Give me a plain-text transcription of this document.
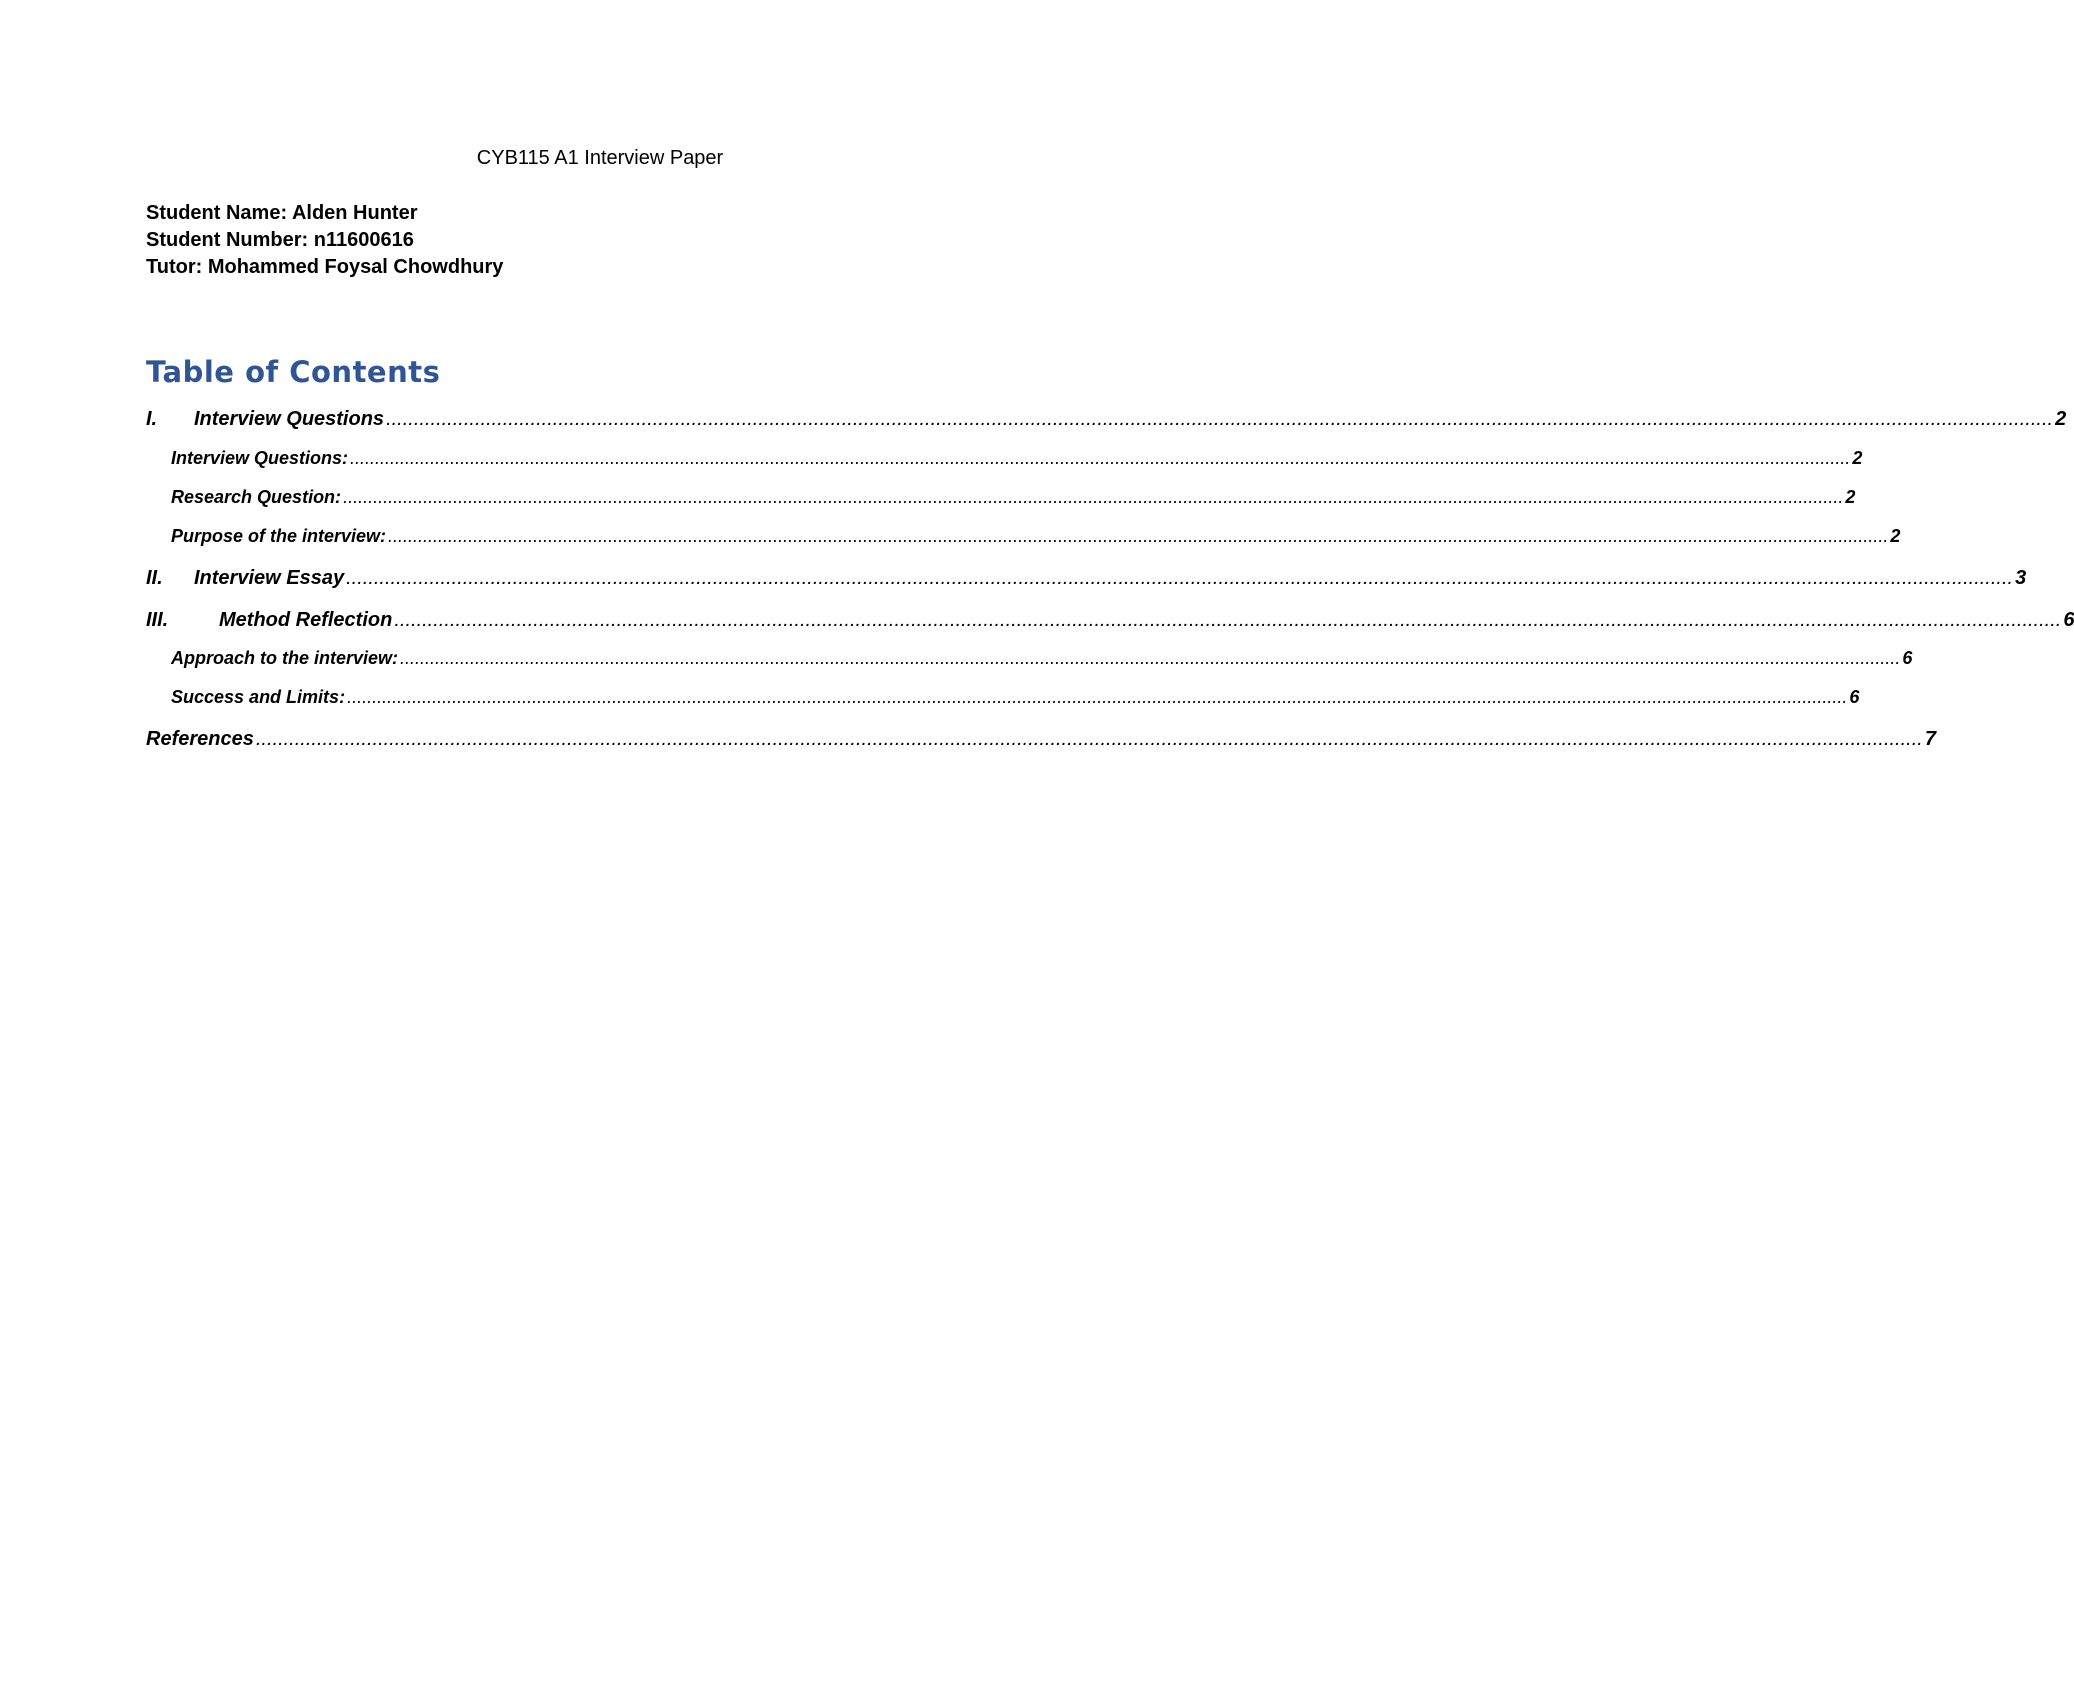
CYB115 A1 Interview Paper
Student Name: Alden Hunter
Student Number: n11600616
Tutor: Mohammed Foysal Chowdhury
Table of Contents
I.	Interview Questions ............................................................................................................................................................................................................................................................................................................ 2
Interview Questions: ............................................................................................................................................................................................................................................................................................................ 2
Research Question: ............................................................................................................................................................................................................................................................................................................ 2
Purpose of the interview: ............................................................................................................................................................................................................................................................................................................ 2
II.	Interview Essay ............................................................................................................................................................................................................................................................................................................ 3
III.	Method Reflection ............................................................................................................................................................................................................................................................................................................ 6
Approach to the interview: ............................................................................................................................................................................................................................................................................................................ 6
Success and Limits: ............................................................................................................................................................................................................................................................................................................ 6
References ............................................................................................................................................................................................................................................................................................................ 7
